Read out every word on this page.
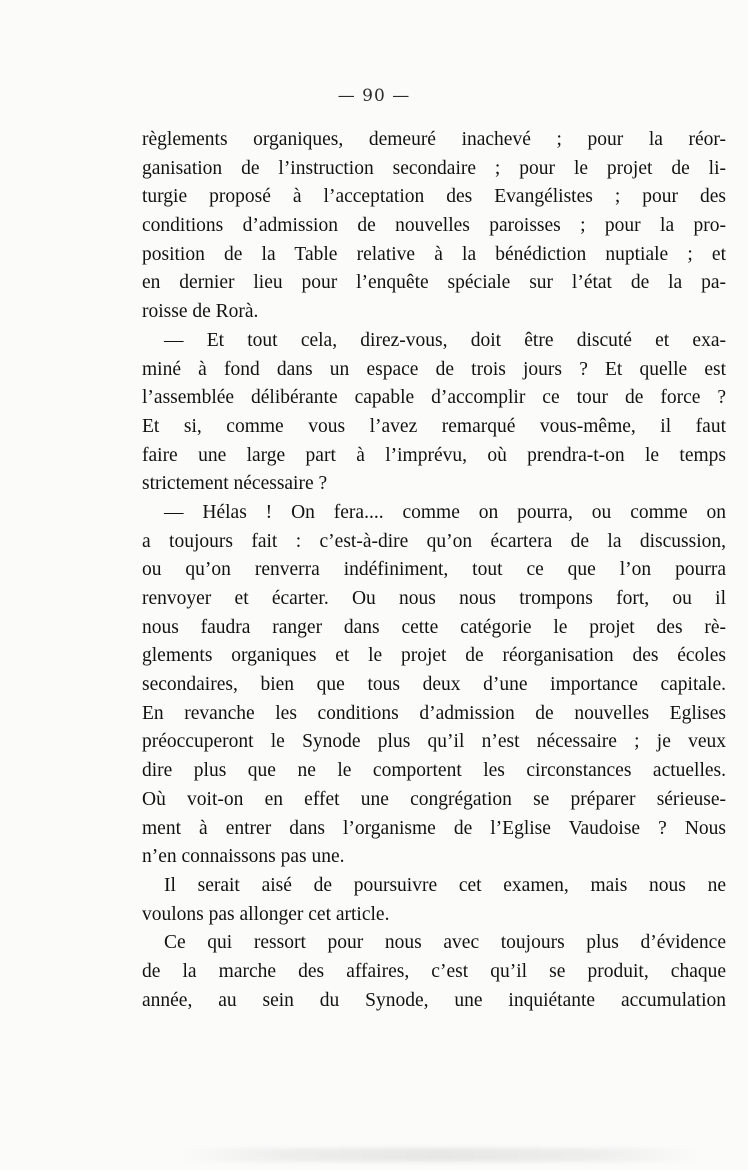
— 90 —
règlements organiques, demeuré inachevé ; pour la réor-
ganisation de l’instruction secondaire ; pour le projet de li-
turgie proposé à l’acceptation des Evangélistes ; pour des
conditions d’admission de nouvelles paroisses ; pour la pro-
position de la Table relative à la bénédiction nuptiale ; et
en dernier lieu pour l’enquête spéciale sur l’état de la pa-
roisse de Rorà.
— Et tout cela, direz-vous, doit être discuté et exa-
miné à fond dans un espace de trois jours ? Et quelle est
l’assemblée délibérante capable d’accomplir ce tour de force ?
Et si, comme vous l’avez remarqué vous-même, il faut
faire une large part à l’imprévu, où prendra-t-on le temps
strictement nécessaire ?
— Hélas ! On fera.... comme on pourra, ou comme on
a toujours fait : c’est-à-dire qu’on écartera de la discussion,
ou qu’on renverra indéfiniment, tout ce que l’on pourra
renvoyer et écarter. Ou nous nous trompons fort, ou il
nous faudra ranger dans cette catégorie le projet des rè-
glements organiques et le projet de réorganisation des écoles
secondaires, bien que tous deux d’une importance capitale.
En revanche les conditions d’admission de nouvelles Eglises
préoccuperont le Synode plus qu’il n’est nécessaire ; je veux
dire plus que ne le comportent les circonstances actuelles.
Où voit-on en effet une congrégation se préparer sérieuse-
ment à entrer dans l’organisme de l’Eglise Vaudoise ? Nous
n’en connaissons pas une.
Il serait aisé de poursuivre cet examen, mais nous ne
voulons pas allonger cet article.
Ce qui ressort pour nous avec toujours plus d’évidence
de la marche des affaires, c’est qu’il se produit, chaque
année, au sein du Synode, une inquiétante accumulation
